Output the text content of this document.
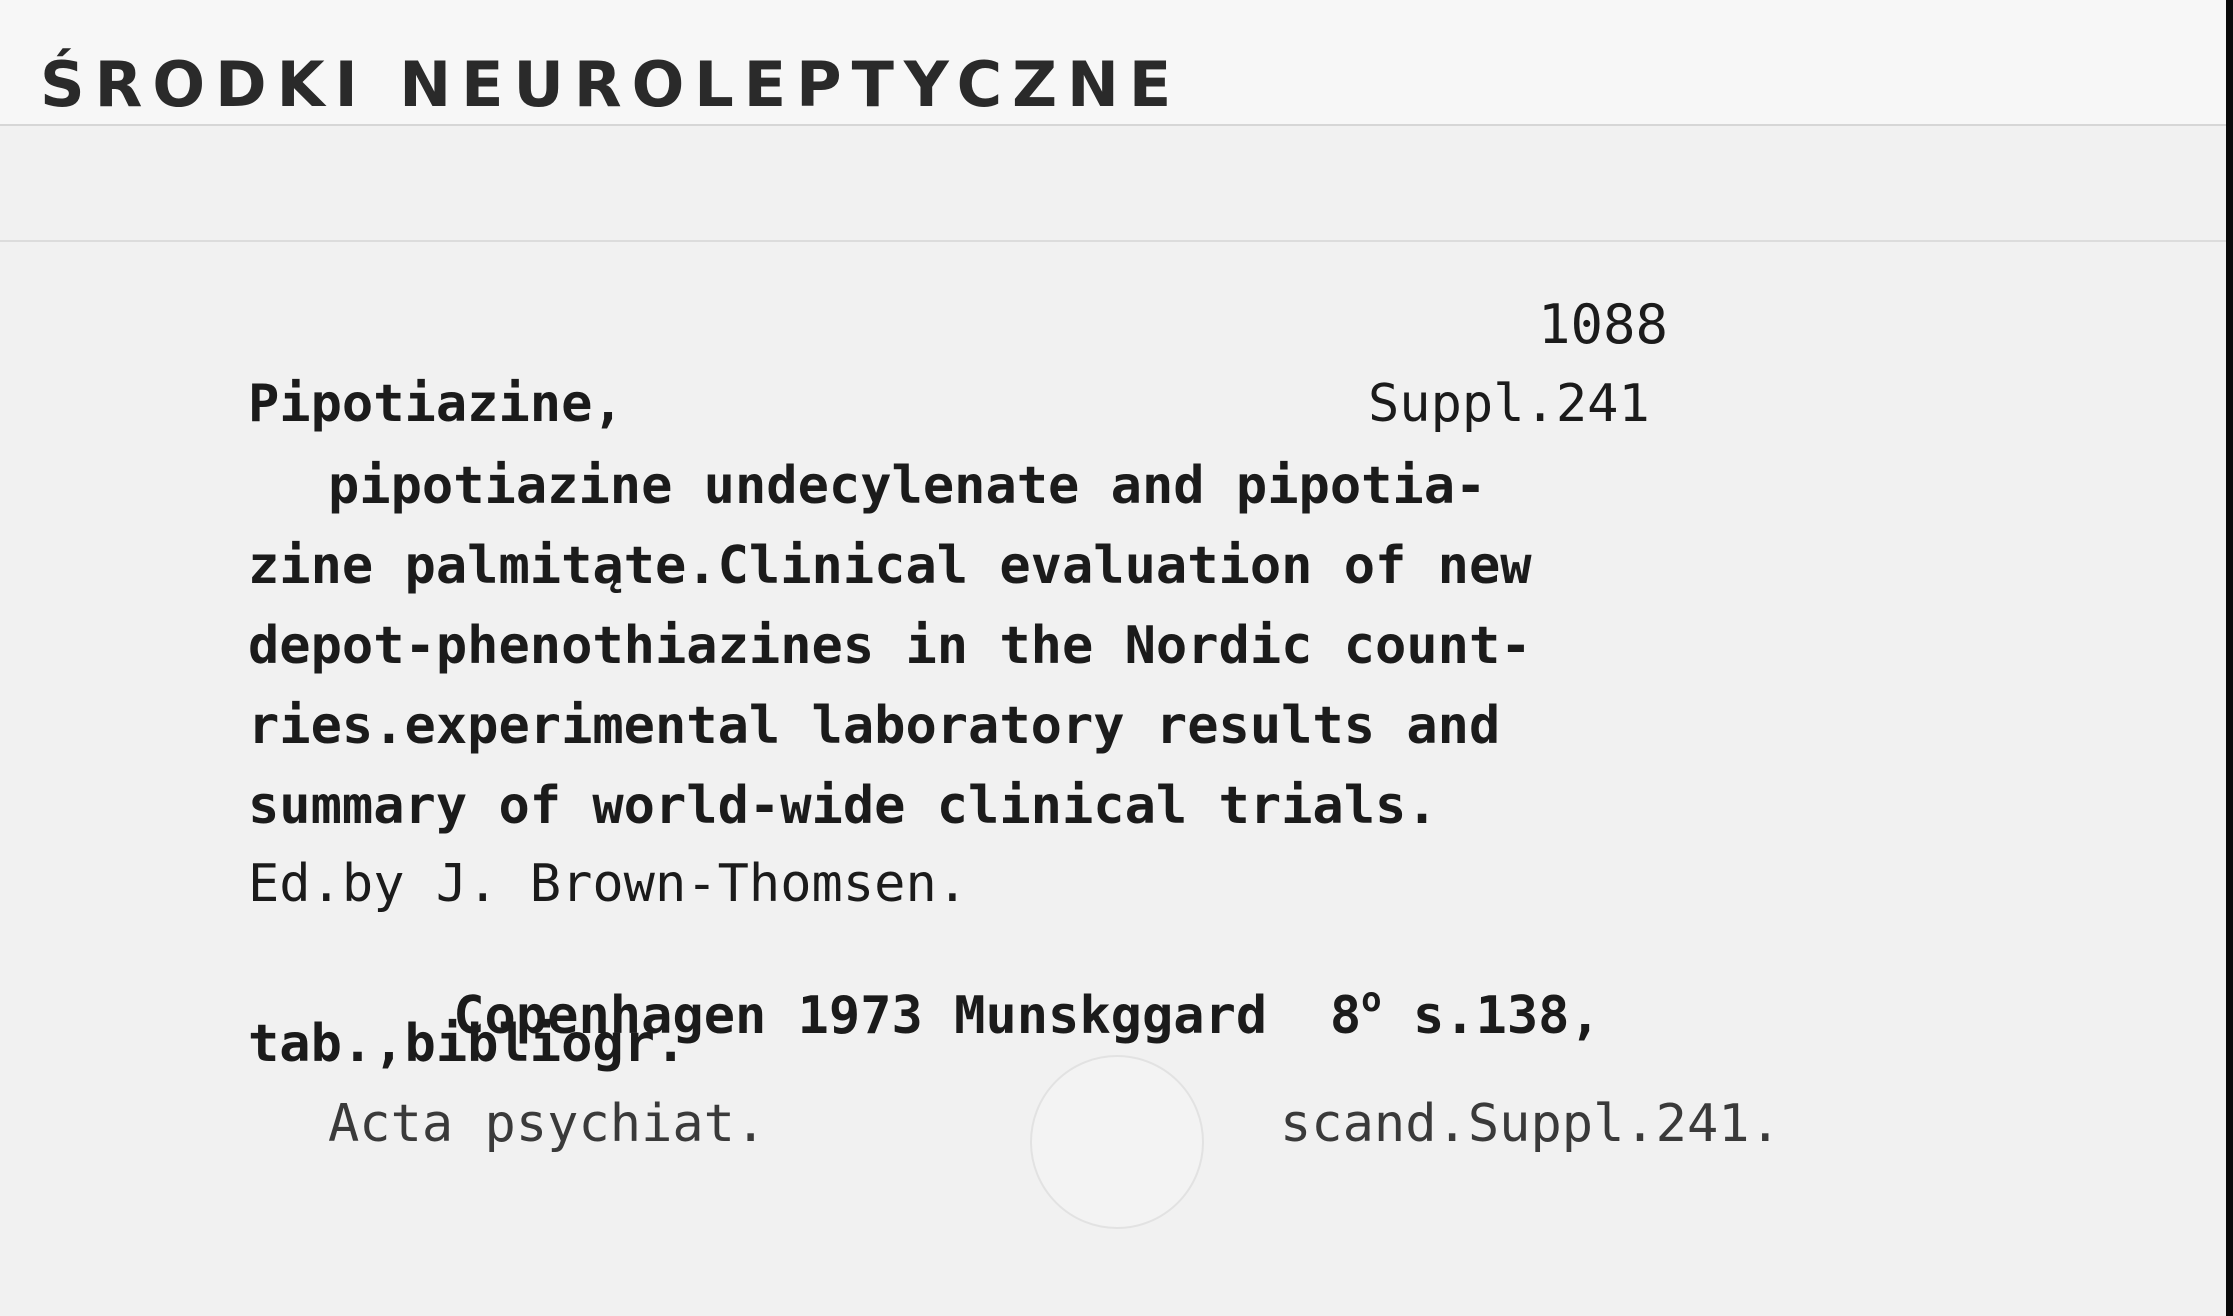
ŚRODKI NEUROLEPTYCZNE
1088
Pipotiazine,	Suppl.241
pipotiazine undecylenate and pipotia-
zine palmitąte.Clinical evaluation of new
depot-phenothiazines in the Nordic count-
ries.experimental laboratory results and
summary of world-wide clinical trials.
Ed.by J. Brown-Thomsen.

Copenhagen 1973 Munskggard 8$^o$ s.138,

tab.,bibliogr.
Acta psychiat.	scand.Suppl.241.
